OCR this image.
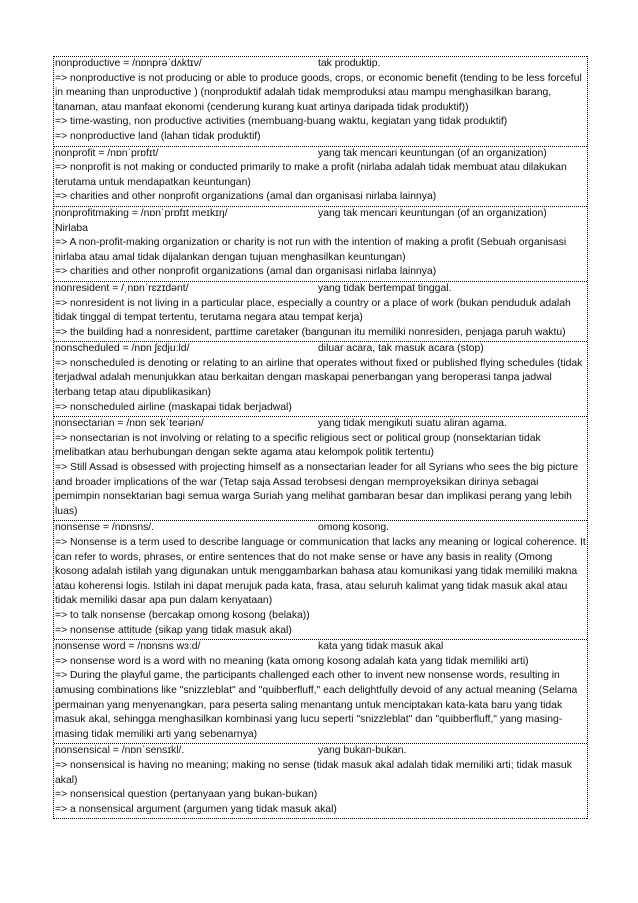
nonproductive = /nɒnprəˈdʌktɪv/	tak produktip.
=> nonproductive is not producing or able to produce goods, crops, or economic benefit (tending to be less forceful in meaning than unproductive ) (nonproduktif adalah tidak memproduksi atau mampu menghasilkan barang, tanaman, atau manfaat ekonomi (cenderung kurang kuat artinya daripada tidak produktif))
=> time-wasting, non productive activities (membuang-buang waktu, kegiatan yang tidak produktif)
=> nonproductive land (lahan tidak produktif)
nonprofit = /nɒnˈprɒfɪt/	yang tak mencari keuntungan (of an organization)
=> nonprofit is not making or conducted primarily to make a profit (nirlaba adalah tidak membuat atau dilakukan terutama untuk mendapatkan keuntungan)
=> charities and other nonprofit organizations (amal dan organisasi nirlaba lainnya)
nonprofitmaking = /nɒnˈprɒfɪt meɪkɪŋ/	yang tak mencari keuntungan (of an organization)
Nirlaba
=> A non-profit-making organization or charity is not run with the intention of making a profit (Sebuah organisasi nirlaba atau amal tidak dijalankan dengan tujuan menghasilkan keuntungan)
=> charities and other nonprofit organizations (amal dan organisasi nirlaba lainnya)
nonresident = /ˌnɒnˈrɛzɪdənt/	yang tidak bertempat tinggal.
=> nonresident is not living in a particular place, especially a country or a place of work (bukan penduduk adalah tidak tinggal di tempat tertentu, terutama negara atau tempat kerja)
=> the building had a nonresident, parttime caretaker (bangunan itu memiliki nonresiden, penjaga paruh waktu)
nonscheduled = /nɒn ʃɛdjuːld/	diluar acara, tak masuk acara (stop)
=> nonscheduled is denoting or relating to an airline that operates without fixed or published flying schedules (tidak terjadwal adalah menunjukkan atau berkaitan dengan maskapai penerbangan yang beroperasi tanpa jadwal terbang tetap atau dipublikasikan)
=> nonscheduled airline (maskapai tidak berjadwal)
nonsectarian = /nɒn sekˈteəriən/	yang tidak mengikuti suatu aliran agama.
=> nonsectarian is not involving or relating to a specific religious sect or political group (nonsektarian tidak melibatkan atau berhubungan dengan sekte agama atau kelompok politik tertentu)
=> Still Assad is obsessed with projecting himself as a nonsectarian leader for all Syrians who sees the big picture and broader implications of the war (Tetap saja Assad terobsesi dengan memproyeksikan dirinya sebagai pemimpin nonsektarian bagi semua warga Suriah yang melihat gambaran besar dan implikasi perang yang lebih luas)
nonsense = /nɒnsns/.	omong kosong.
=> Nonsense is a term used to describe language or communication that lacks any meaning or logical coherence. It can refer to words, phrases, or entire sentences that do not make sense or have any basis in reality (Omong kosong adalah istilah yang digunakan untuk menggambarkan bahasa atau komunikasi yang tidak memiliki makna atau koherensi logis. Istilah ini dapat merujuk pada kata, frasa, atau seluruh kalimat yang tidak masuk akal atau tidak memiliki dasar apa pun dalam kenyataan)
=> to talk nonsense (bercakap omong kosong (belaka))
=> nonsense attitude (sikap yang tidak masuk akal)
nonsense word = /nɒnsns wɜːd/	kata yang tidak masuk akal
=> nonsense word is a word with no meaning (kata omong kosong adalah kata yang tidak memiliki arti)
=> During the playful game, the participants challenged each other to invent new nonsense words, resulting in amusing combinations like "snizzleblat" and "quibberfluff," each delightfully devoid of any actual meaning (Selama permainan yang menyenangkan, para peserta saling menantang untuk menciptakan kata-kata baru yang tidak masuk akal, sehingga menghasilkan kombinasi yang lucu seperti "snizzleblat" dan "quibberfluff," yang masing-masing tidak memiliki arti yang sebenarnya)
nonsensical = /nɒnˈsensɪkl/.	yang bukan-bukan.
=> nonsensical is having no meaning; making no sense (tidak masuk akal adalah tidak memiliki arti; tidak masuk akal)
=> nonsensical question (pertanyaan yang bukan-bukan)
=> a nonsensical argument (argumen yang tidak masuk akal)
